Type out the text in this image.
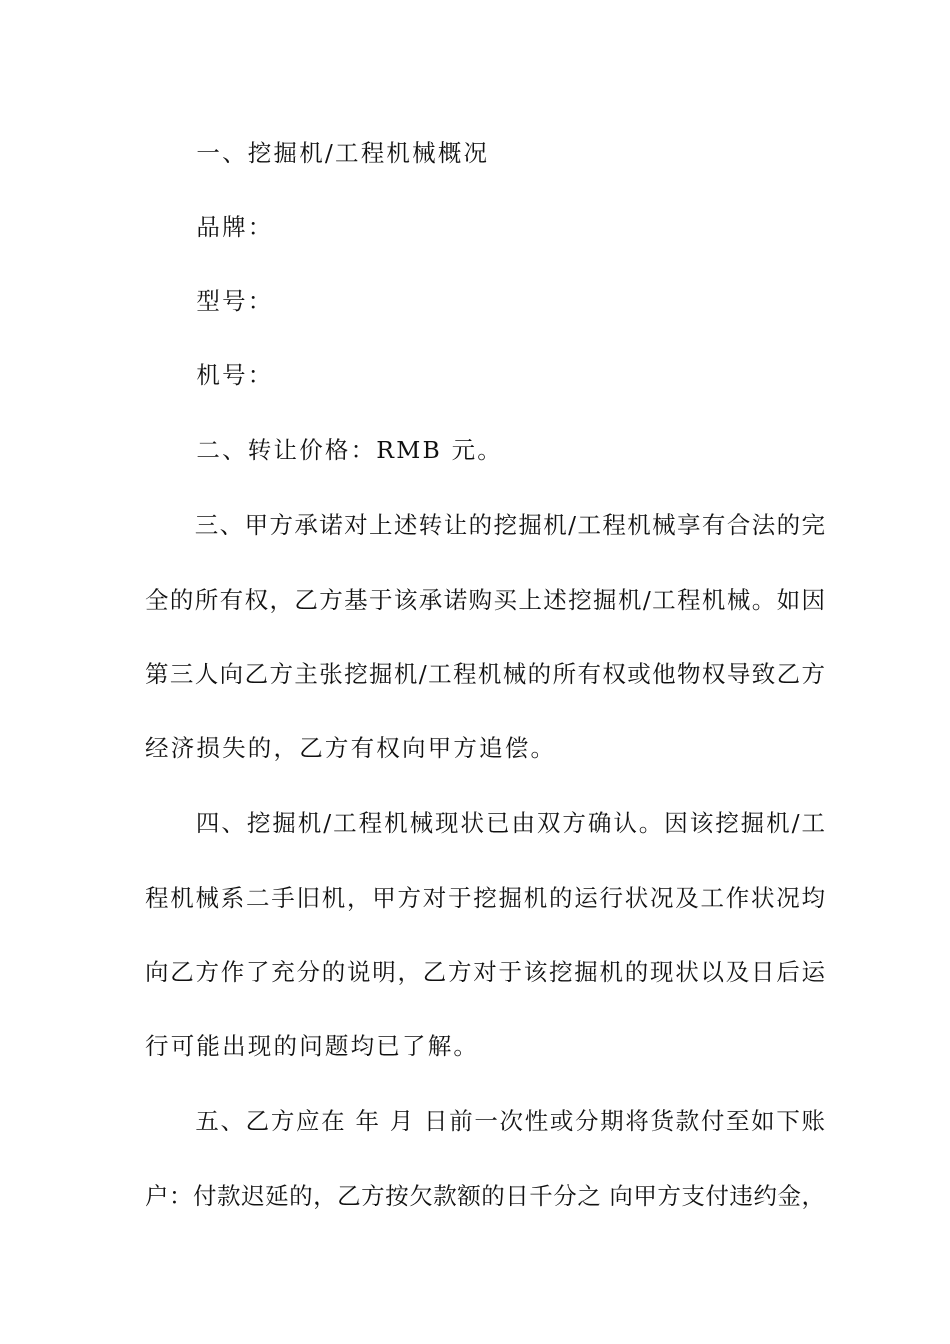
　　一、挖掘机/工程机械概况
　　品牌：
　　型号：
　　机号：
　　二、转让价格：RMB 元。
　　三、甲方承诺对上述转让的挖掘机/工程机械享有合法的完
全的所有权，乙方基于该承诺购买上述挖掘机/工程机械。如因
第三人向乙方主张挖掘机/工程机械的所有权或他物权导致乙方
经济损失的，乙方有权向甲方追偿。
　　四、挖掘机/工程机械现状已由双方确认。因该挖掘机/工
程机械系二手旧机，甲方对于挖掘机的运行状况及工作状况均
向乙方作了充分的说明，乙方对于该挖掘机的现状以及日后运
行可能出现的问题均已了解。
　　五、乙方应在 年 月 日前一次性或分期将货款付至如下账
户：付款迟延的，乙方按欠款额的日千分之 向甲方支付违约金，
